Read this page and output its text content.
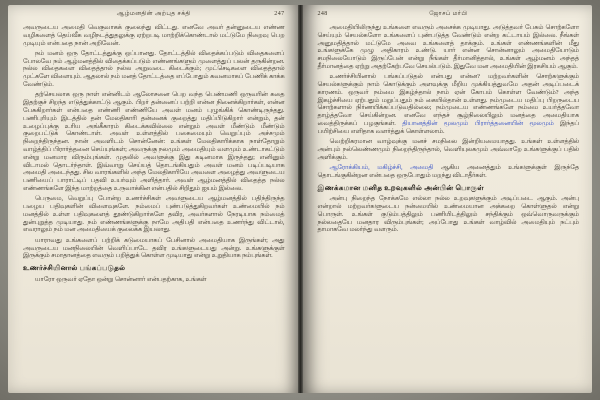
ஆழ்மனதின் அற்புத சக்தி	247

அவருடைய அமைதி வெகுவாகக் குலைந்து விட்டது. எனவே அவர் தன்னுடைய எண்ண வழிகளைத் தெய்வீக வழிநடத்துதலுக்கு ஏற்றபடி மாற்றிக்கொண்டால் மட்டுமே நிறைவு பெற முடியும் என்பதை நான் அறிவேன்.

நம் மனம் ஒரு தோட்டத்துக்கு ஒப்பானது. தோட்டத்தில் விதைக்கப்படும் விதைகளைப் போலவே நம் ஆழ்மனத்தில் விதைக்கப்படும் எண்ணங்களும் முளைத்துப் பலன் தருகின்றன. நல்ல விதைகளை விதைத்தால் நல்ல அறுவடை கிடைக்கும்; முட்செடிகளை விதைத்தால் முட்களே விளையும். ஆதலால் நம் மனத் தோட்டத்தை எப்போதும் கவனமாகப் பேணிக் காக்க வேண்டும்.

தற்செயலாக ஒரு நாள் என்னிடம் ஆலோசனை பெற வந்த பெண்மணி ஒருவரின் கதை இதற்குச் சிறந்த எடுத்துக்காட்டு ஆகும். பிறர் தன்னைப் பற்றி என்ன நினைக்கிறார்கள், என்ன பேசுகிறார்கள் என்பதை எண்ணி எண்ணியே அவள் மனம் புழுங்கிக் கொண்டிருந்தது. பணிபுரியும் இடத்தில் தன் மேலதிகாரி தன்னைக் குறைத்து மதிப்பிடுகிறார் என்றும், தன் உழைப்புக்கு உரிய அங்கீகாரம் கிடைக்கவில்லை என்றும் அவள் மீண்டும் மீண்டும் குறைபட்டுக் கொண்டாள். அவள் உள்ளத்தில் பகைமையும் வெறுப்பும் அச்சமும் நிறைந்திருந்தன. நான் அவளிடம் சொன்னேன்: உங்கள் மேலதிகாரிக்காக நாள்தோறும் வாழ்த்திப் பிரார்த்தனை செய்யுங்கள்; அவருக்கு நலமும் அமைதியும் வளமும் உண்டாகட்டும் என்று மனமார விரும்புங்கள். முதலில் அவளுக்கு இது கடினமாக இருந்தது; எனினும் விடாமல் தொடர்ந்தாள். இவ்வாறு செய்யத் தொடங்கியதும் அவள் மனம் படிப்படியாக அமைதி அடைந்தது. சில வாரங்களில் அந்த மேலதிகாரியே அவளை அழைத்து அவளுடைய பணியைப் பாராட்டிப் பதவி உயர்வும் அளித்தார். அவள் ஆழ்மனத்தில் விதைத்த நல்ல எண்ணங்களே இந்த மாற்றத்தை உருவாக்கின என்பதில் சிறிதும் ஐயம் இல்லை.

பெருமை, வெறுப்பு போன்ற உணர்ச்சிகள் அவளுடைய ஆழ்மனத்தில் பதிந்திருந்த பழைய பதிவுகளின் விளைவுகளே. நம்மைப் புண்படுத்துகிறவர்கள் உண்மையில் நம் மனத்தில் உள்ள பதிவுகளைத் தூண்டுகிறார்களே தவிர, அவர்களால் நேரடியாக நம்மைத் துன்புறுத்த முடியாது. நம் எண்ணங்களுக்கு நாமே அதிபதி என்பதை உணர்ந்து விட்டால், எவராலும் நம் மன அமைதியைக் குலைக்க இயலாது.

யாராவது உங்களைப் பற்றிக் கடுமையாகப் பேசினால் அமைதியாக இருங்கள்; அது அவருடைய மனநிலையின் வெளிப்பாடே தவிர உங்களுடையது அன்று. உங்களுக்குள் இருக்கும் சமாதானத்தை எவரும் பறித்துக் கொள்ள முடியாது என்று உறுதியாக நம்புங்கள்.

உணர்ச்சியினால் பங்கப்படுதல்

யாரோ ஒருவர் ஏதோ ஒன்று சொன்னார் என்பதற்காக, உங்கள்

248	ஜோசப் மர்பி

அமைதியிலிருந்து உங்களை எவரும் அசைக்க முடியாது. அடுத்தவர் பேசும் சொற்களோ செய்யும் செயல்களோ உங்களைப் புண்படுத்த வேண்டும் என்ற கட்டாயம் இல்லை. நீங்கள் அனுமதித்தால் மட்டுமே அவை உங்களைத் தாக்கும். உங்கள் எண்ணங்களின் மீது உங்களுக்கே முழு அதிகாரம் உண்டு. யார் என்ன சொன்னாலும் அமைதியோடும் சமநிலையோடும் இருப்பேன் என்று நீங்கள் தீர்மானித்தால், உங்கள் ஆழ்மனம் அந்தத் தீர்மானத்தை ஏற்று அதற்கேற்பவே செயல்படும். இதுவே மன அமைதியின் இரகசியம் ஆகும்.

உணர்ச்சியினால் பங்கப்படுதல் என்பது என்ன? மற்றவர்களின் சொற்களுக்கும் செயல்களுக்கும் நாம் கொடுக்கும் அளவுக்கு மீறிய முக்கியத்துவமே அதன் அடிப்படைக் காரணம். ஒருவர் நம்மை இகழ்ந்தால் நாம் ஏன் கோபம் கொள்ள வேண்டும்? அந்த இகழ்ச்சியை ஏற்பதும் மறுப்பதும் நம் கையில்தான் உள்ளது. நம்முடைய மதிப்பு பிறருடைய சொற்களால் நிர்ணயிக்கப்படுவதில்லை; நம்முடைய எண்ணங்களே நம்மை உயர்த்தவோ தாழ்த்தவோ செய்கின்றன. எனவே எந்தச் சூழ்நிலையிலும் மனத்தை அமைதியாக வைத்திருக்கப் பழகுங்கள். தியானத்தின் மூலமும் பிரார்த்தனையின் மூலமும் இந்தப் பயிற்சியை எளிதாக வளர்த்துக் கொள்ளலாம்.

வெற்றிகரமான வாழ்வுக்கு மனச் சமநிலை இன்றியமையாதது. உங்கள் உள்ளத்தில் அன்பும் நல்லெண்ணமும் நிறைந்திருந்தால், வெளியுலகமும் அவ்வாறே உங்களுக்குப் பதில் அளிக்கும்.

ஆரோக்கியம், மகிழ்ச்சி, அமைதி ஆகிய அனைத்தும் உங்களுக்குள் இருந்தே தொடங்குகின்றன என்பதை ஒருபோதும் மறந்து விடாதீர்கள்.

இணக்கமான மனித உறவுகளில் அன்பின் பொருள்

அன்பு நிறைந்த நோக்கமே எல்லா நல்ல உறவுகளுக்கும் அடிப்படை ஆகும். அன்பு என்றால் மற்றவர்களுடைய நன்மையில் உண்மையான அக்கறை கொள்ளுதல் என்று பொருள். உங்கள் குடும்பத்திலும் பணியிடத்திலும் சந்திக்கும் ஒவ்வொருவருக்கும் நல்லதையே மனதார விரும்புங்கள்; அப்போது உங்கள் வாழ்வில் அமைதியும் நட்பும் தாமாகவே மலர்ந்து வளரும்.
